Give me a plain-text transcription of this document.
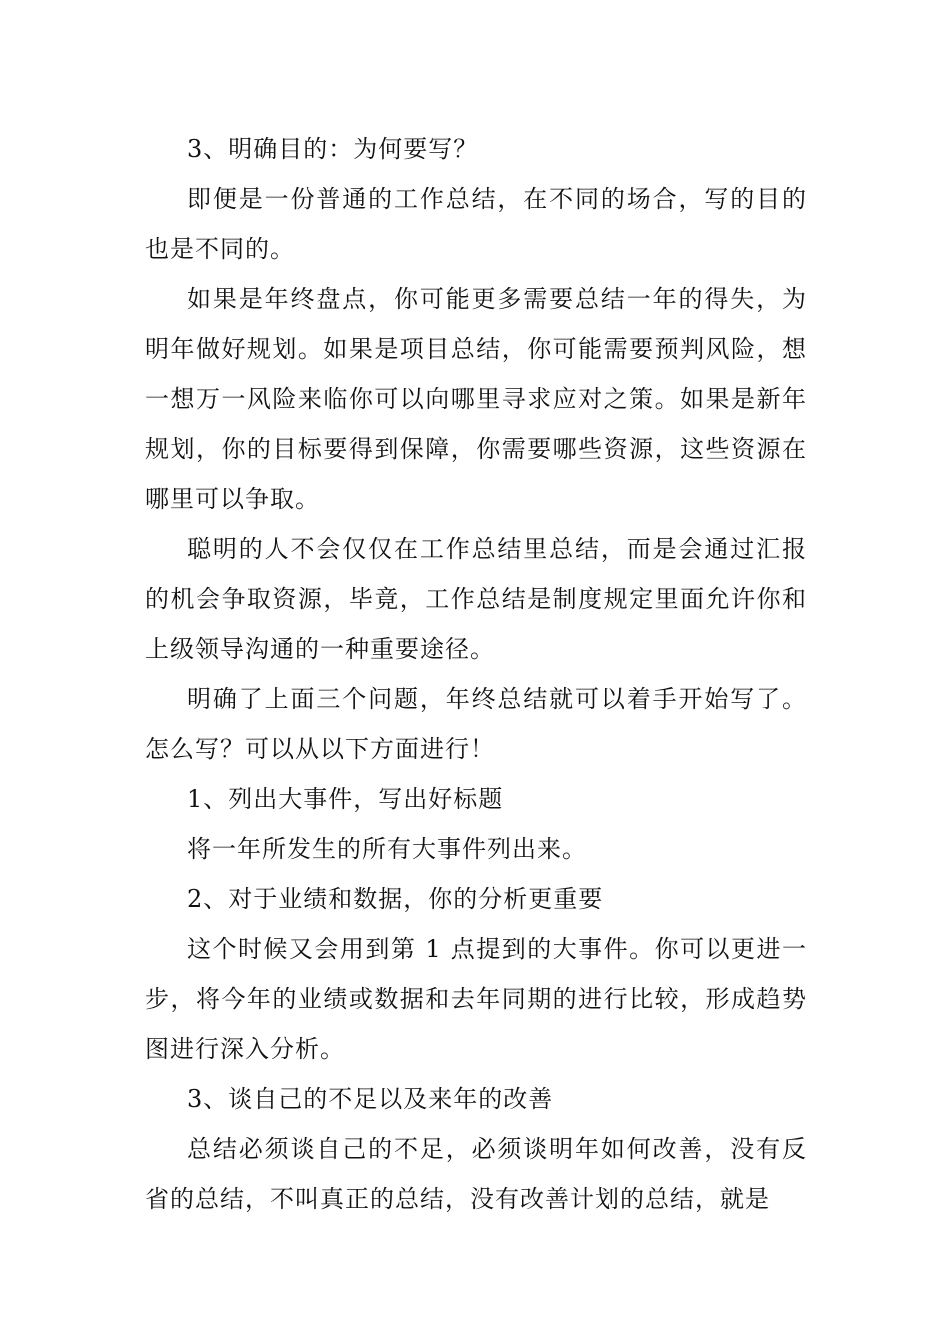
3、明确目的：为何要写？

即便是一份普通的工作总结，在不同的场合，写的目的也是不同的。

如果是年终盘点，你可能更多需要总结一年的得失，为明年做好规划。如果是项目总结，你可能需要预判风险，想一想万一风险来临你可以向哪里寻求应对之策。如果是新年规划，你的目标要得到保障，你需要哪些资源，这些资源在哪里可以争取。

聪明的人不会仅仅在工作总结里总结，而是会通过汇报的机会争取资源，毕竟，工作总结是制度规定里面允许你和上级领导沟通的一种重要途径。

明确了上面三个问题，年终总结就可以着手开始写了。怎么写？可以从以下方面进行！

1、列出大事件，写出好标题

将一年所发生的所有大事件列出来。

2、对于业绩和数据，你的分析更重要

这个时候又会用到第 1 点提到的大事件。你可以更进一步，将今年的业绩或数据和去年同期的进行比较，形成趋势图进行深入分析。

3、谈自己的不足以及来年的改善

总结必须谈自己的不足，必须谈明年如何改善，没有反省的总结，不叫真正的总结，没有改善计划的总结，就是
